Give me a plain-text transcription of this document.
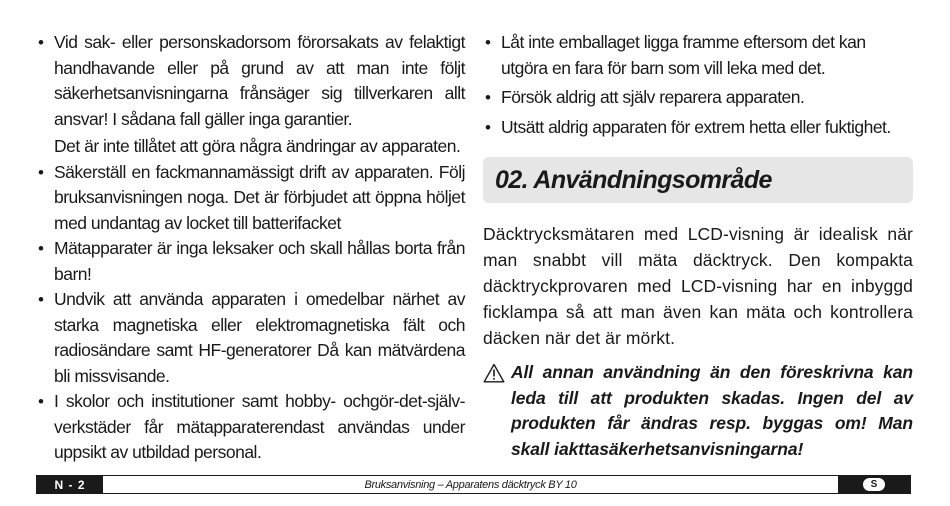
• Vid sak- eller personskadorsom förorsakats av felaktigt handhavande eller på grund av att man inte följt säkerhetsanvisningarna frånsäger sig tillverkaren allt ansvar! I sådana fall gäller inga garantier.
Det är inte tillåtet att göra några ändringar av apparaten.
• Säkerställ en fackmannamässigt drift av apparaten. Följ bruksanvisningen noga. Det är förbjudet att öppna höljet med undantag av locket till batterifacket
• Mätapparater är inga leksaker och skall hållas borta från barn!
• Undvik att använda apparaten i omedelbar närhet av starka magnetiska eller elektromagnetiska fält och radiosändare samt HF-generatorer Då kan mätvärdena bli missvisande.
• I skolor och institutioner samt hobby- ochgör-det-själv-verkstäder får mätapparaterendast användas under uppsikt av utbildad personal.
• Låt inte emballaget ligga framme eftersom det kan utgöra en fara för barn som vill leka med det.
• Försök aldrig att själv reparera apparaten.
• Utsätt aldrig apparaten för extrem hetta eller fuktighet.
02. Användningsområde

Däcktrycksmätaren med LCD-visning är idealisk när man snabbt vill mäta däcktryck. Den kompakta däcktryckprovaren med LCD-visning har en inbyggd ficklampa så att man även kan mäta och kontrollera däcken när det är mörkt.

All annan användning än den föreskrivna kan leda till att produkten skadas. Ingen del av produkten får ändras resp. byggas om! Man skall iakttasäkerhetsanvisningarna!
N - 2	Bruksanvisning – Apparatens däcktryck BY 10	S
